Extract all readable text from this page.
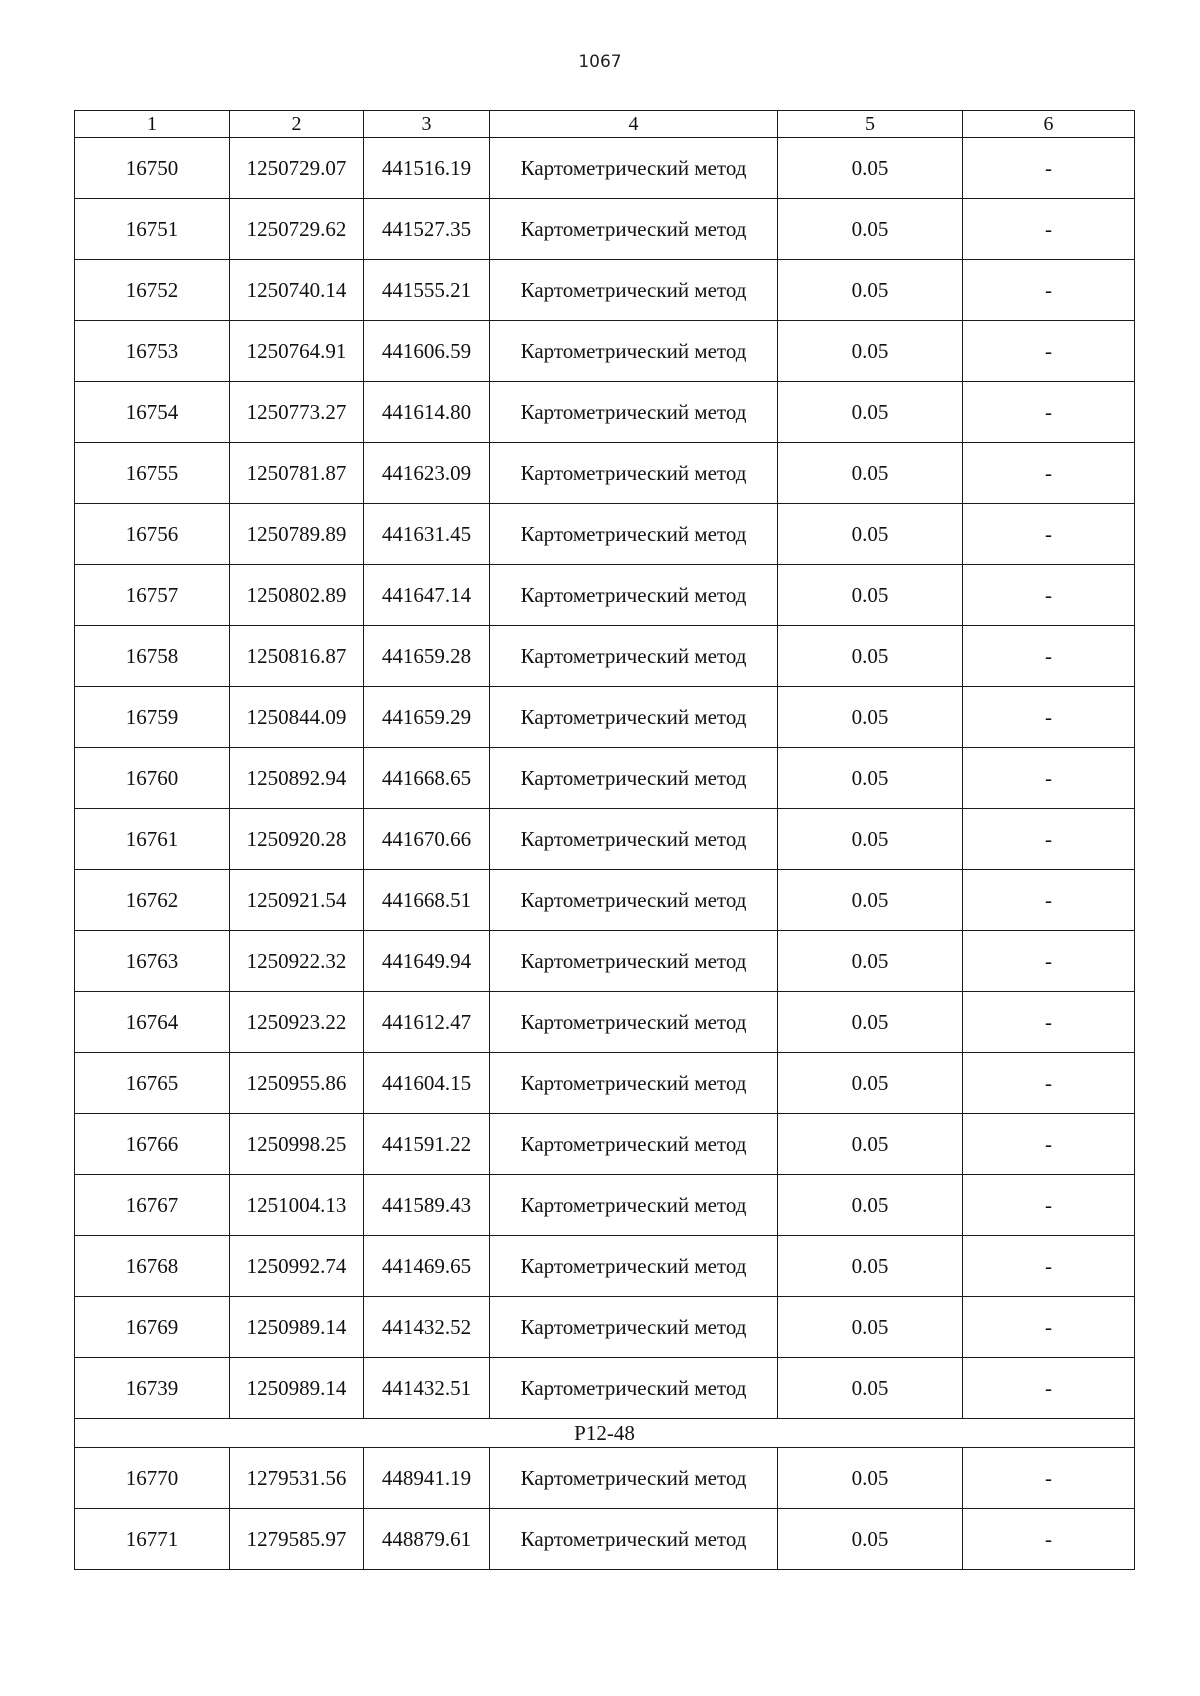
1067
1	2	3	4	5	6
16750	1250729.07	441516.19	Картометрический метод	0.05	-
16751	1250729.62	441527.35	Картометрический метод	0.05	-
16752	1250740.14	441555.21	Картометрический метод	0.05	-
16753	1250764.91	441606.59	Картометрический метод	0.05	-
16754	1250773.27	441614.80	Картометрический метод	0.05	-
16755	1250781.87	441623.09	Картометрический метод	0.05	-
16756	1250789.89	441631.45	Картометрический метод	0.05	-
16757	1250802.89	441647.14	Картометрический метод	0.05	-
16758	1250816.87	441659.28	Картометрический метод	0.05	-
16759	1250844.09	441659.29	Картометрический метод	0.05	-
16760	1250892.94	441668.65	Картометрический метод	0.05	-
16761	1250920.28	441670.66	Картометрический метод	0.05	-
16762	1250921.54	441668.51	Картометрический метод	0.05	-
16763	1250922.32	441649.94	Картометрический метод	0.05	-
16764	1250923.22	441612.47	Картометрический метод	0.05	-
16765	1250955.86	441604.15	Картометрический метод	0.05	-
16766	1250998.25	441591.22	Картометрический метод	0.05	-
16767	1251004.13	441589.43	Картометрический метод	0.05	-
16768	1250992.74	441469.65	Картометрический метод	0.05	-
16769	1250989.14	441432.52	Картометрический метод	0.05	-
16739	1250989.14	441432.51	Картометрический метод	0.05	-
Р12-48					
16770	1279531.56	448941.19	Картометрический метод	0.05	-
16771	1279585.97	448879.61	Картометрический метод	0.05	-
